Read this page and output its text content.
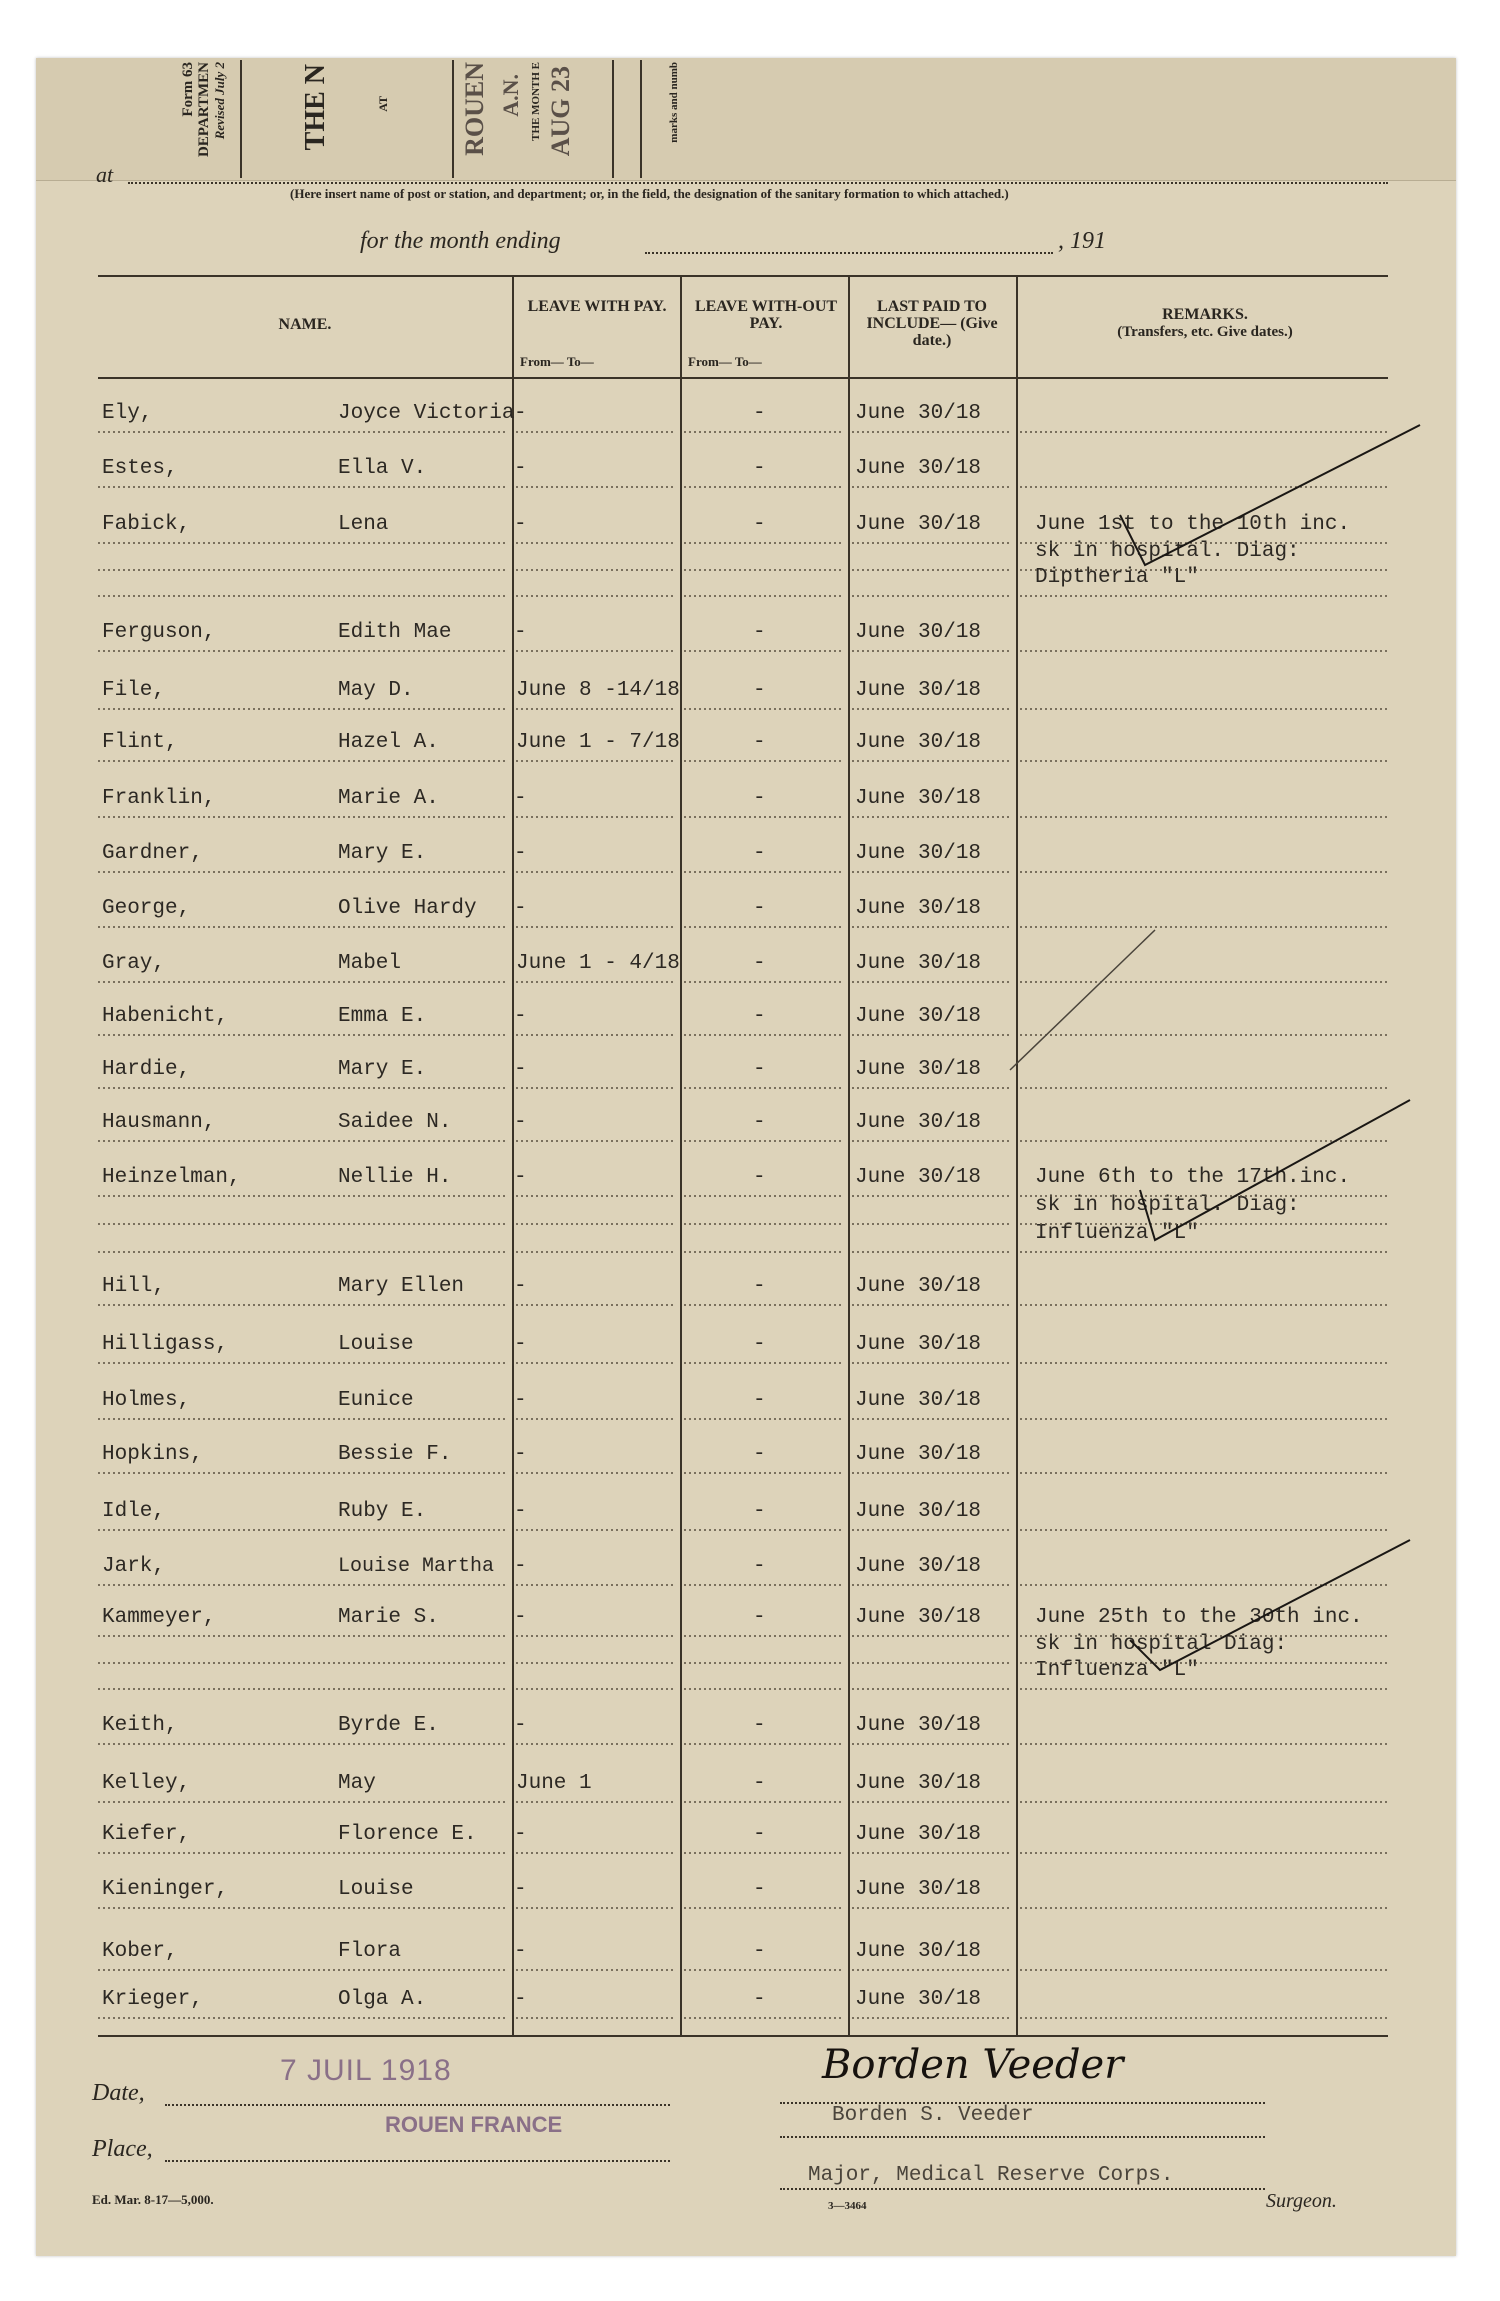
Form 63 DEPARTMEN Revised July 2	THE N	AT	ROUEN A.N. THE MONTH E AUG 23	marks and numb
at
(Here insert name of post or station, and department; or, in the field, the designation of the sanitary formation to which attached.)
for the month ending	, 191
NAME.
LEAVE WITH PAY.
From— To—
LEAVE WITH-OUT PAY.
From— To—
LAST PAID TO INCLUDE— (Give date.)
REMARKS.
(Transfers, etc. Give dates.)
Ely,	Joyce Victoria -	-	June 30/18
Estes,	Ella V.	-	-	June 30/18
Fabick,	Lena	-	-	June 30/18	June 1st to the 10th inc.
sk in hospital. Diag:
Diptheria "L"
Ferguson,	Edith Mae	-	-	June 30/18
File,	May D.	June 8 -14/18	-	June 30/18
Flint,	Hazel A.	June 1 - 7/18	-	June 30/18
Franklin,	Marie A.	-	-	June 30/18
Gardner,	Mary E.	-	-	June 30/18
George,	Olive Hardy -	-	June 30/18
Gray,	Mabel	June 1 - 4/18	-	June 30/18
Habenicht,	Emma E.	-	-	June 30/18
Hardie,	Mary E.	-	-	June 30/18
Hausmann,	Saidee N.	-	-	June 30/18
Heinzelman,	Nellie H.	-	-	June 30/18	June 6th to the 17th.inc.
sk in hospital. Diag:
Influenza "L"
Hill,	Mary Ellen -	-	June 30/18
Hilligass,	Louise	-	-	June 30/18
Holmes,	Eunice	-	-	June 30/18
Hopkins,	Bessie F.	-	-	June 30/18
Idle,	Ruby E.	-	-	June 30/18
Jark,	Louise Martha -	-	June 30/18
Kammeyer,	Marie S.	-	-	June 30/18	June 25th to the 30th inc.
sk in hospital Diag:
Influenza "L"
Keith,	Byrde E.	-	-	June 30/18
Kelley,	May	June 1	-	June 30/18
Kiefer,	Florence E. -	-	June 30/18
Kieninger,	Louise	-	-	June 30/18
Kober,	Flora	-	-	June 30/18
Krieger,	Olga A.	-	-	June 30/18
Date,
7 JUIL 1918
Place,
ROUEN FRANCE
Ed. Mar. 8-17—5,000.
Borden Veeder
Borden S. Veeder
Major, Medical Reserve Corps.
3—3464	Surgeon.
